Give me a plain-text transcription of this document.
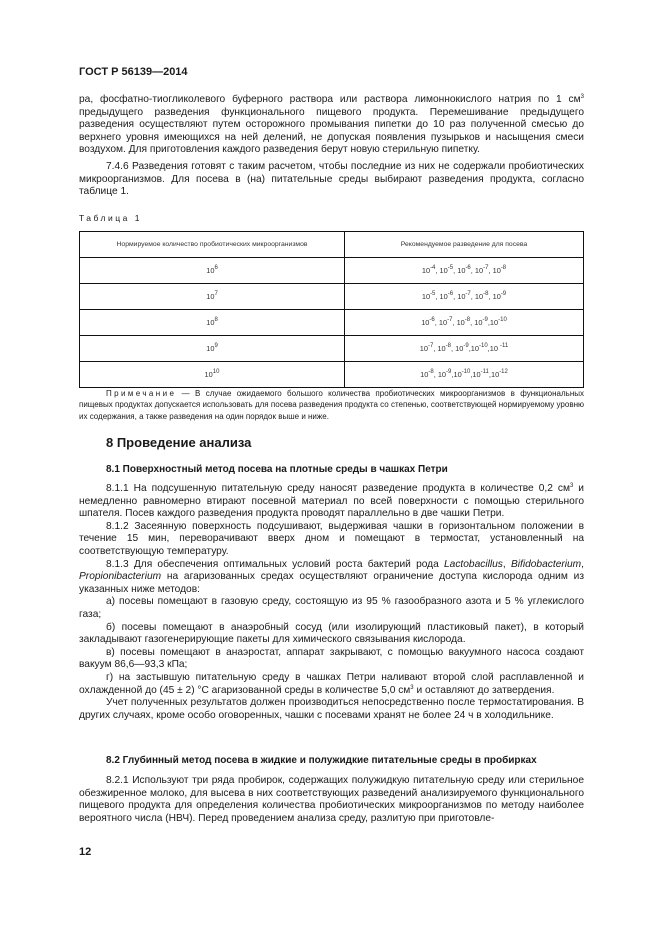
ГОСТ Р 56139—2014

ра, фосфатно-тиогликолевого буферного раствора или раствора лимоннокислого натрия по 1 $см^3$ предыдущего разведения функционального пищевого продукта. Перемешивание предыдущего разведения осуществляют путем осторожного промывания пипетки до 10 раз полученной смесью до верхнего уровня имеющихся на ней делений, не допуская появления пузырьков и насыщения смеси воздухом. Для приготовления каждого разведения берут новую стерильную пипетку.

7.4.6 Разведения готовят с таким расчетом, чтобы последние из них не содержали пробиотических микроорганизмов. Для посева в (на) питательные среды выбирают разведения продукта, согласно таблице 1.

Таблица 1
Нормируемое количество пробиотических микроорганизмов	Рекомендуемое разведение для посева
$10^6$	$10^{-4}$, $10^{-5}$, $10^{-6}$, $10^{-7}$, $10^{-8}$
$10^7$	$10^{-5}$, $10^{-6}$, $10^{-7}$, $10^{-8}$, $10^{-9}$
$10^8$	$10^{-6}$, $10^{-7}$, $10^{-8}$, $10^{-9},10^{-10}$
$10^9$	$10^{-7}$, $10^{-8}$, $10^{-9},10^{-10},10$ $^{-11}$
$10^{10}$	$10^{-8}$, $10^{-9},10^{-10},10^{-11},10^{-12}$
Примечание — В случае ожидаемого большого количества пробиотических микроорганизмов в функциональных пищевых продуктах допускается использовать для посева разведения продукта со степенью, соответствующей нормируемому уровню их содержания, а также разведения на один порядок выше и ниже.
8 Проведение анализа
8.1 Поверхностный метод посева на плотные среды в чашках Петри

8.1.1 На подсушенную питательную среду наносят разведение продукта в количестве 0,2 $см^3$ и немедленно равномерно втирают посевной материал по всей поверхности с помощью стерильного шпателя. Посев каждого разведения продукта проводят параллельно в две чашки Петри.

8.1.2 Засеянную поверхность подсушивают, выдерживая чашки в горизонтальном положении в течение 15 мин, переворачивают вверх дном и помещают в термостат, установленный на соответствующую температуру.

8.1.3 Для обеспечения оптимальных условий роста бактерий рода Lactobacillus, Bifidobacterium, Propionibacterium на агаризованных средах осуществляют ограничение доступа кислорода одним из указанных ниже методов:

а) посевы помещают в газовую среду, состоящую из 95 % газообразного азота и 5 % углекислого газа;

б) посевы помещают в анаэробный сосуд (или изолирующий пластиковый пакет), в который закладывают газогенерирующие пакеты для химического связывания кислорода.

в) посевы помещают в анаэростат, аппарат закрывают, с помощью вакуумного насоса создают вакуум 86,6—93,3 кПа;

г) на застывшую питательную среду в чашках Петри наливают второй слой расплавленной и охлажденной до (45 ± 2) °С агаризованной среды в количестве 5,0 $см^3$ и оставляют до затвердения.

Учет полученных результатов должен производиться непосредственно после термостатирования. В других случаях, кроме особо оговоренных, чашки с посевами хранят не более 24 ч в холодильнике.

8.2 Глубинный метод посева в жидкие и полужидкие питательные среды в пробирках

8.2.1 Используют три ряда пробирок, содержащих полужидкую питательную среду или стерильное обезжиренное молоко, для высева в них соответствующих разведений анализируемого функционального пищевого продукта для определения количества пробиотических микроорганизмов по методу наиболее вероятного числа (НВЧ). Перед проведением анализа среду, разлитую при приготовле-

12
